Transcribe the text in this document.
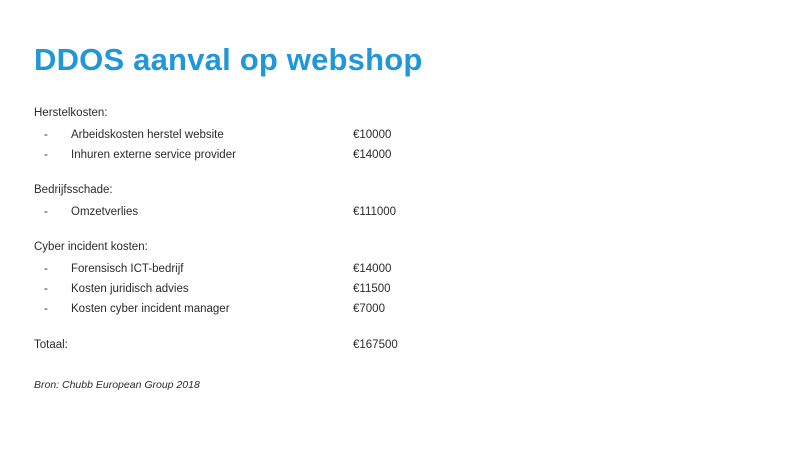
DDOS aanval op webshop
Herstelkosten:
-	Arbeidskosten herstel website	€10000
-	Inhuren externe service provider	€14000
Bedrijfsschade:
-	Omzetverlies	€111000
Cyber incident kosten:
-	Forensisch ICT-bedrijf	€14000
-	Kosten juridisch advies	€11500
-	Kosten cyber incident manager	€7000
Totaal:	€167500
Bron: Chubb European Group 2018
